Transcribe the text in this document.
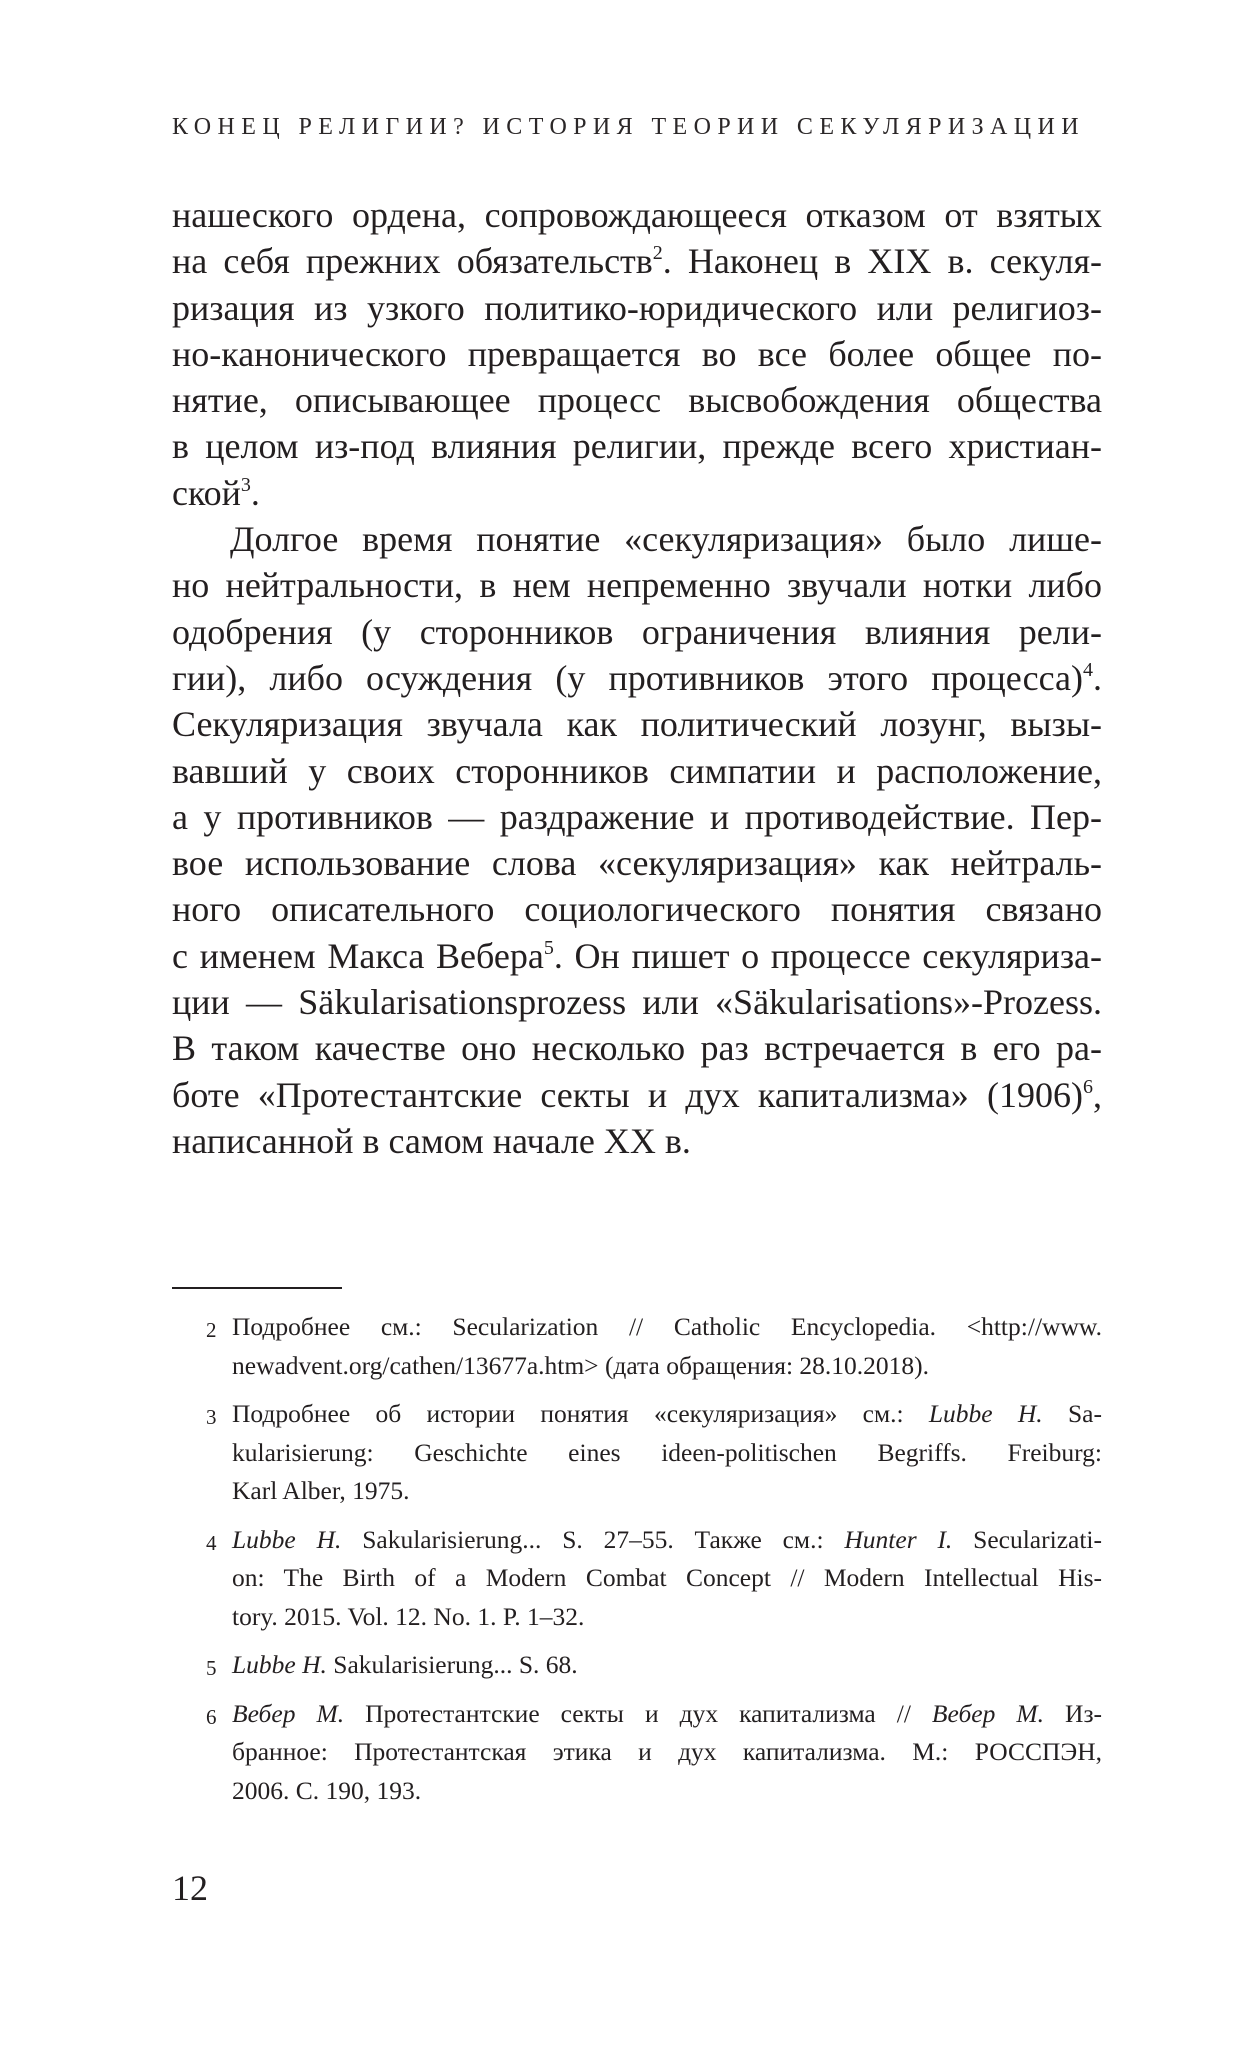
КОНЕЦ РЕЛИГИИ? ИСТОРИЯ ТЕОРИИ СЕКУЛЯРИЗАЦИИ
нашеского ордена, сопровождающееся отказом от взятых
на себя прежних обязательств$^2$. Наконец в XIX в. секуля-
ризация из узкого политико-юридического или религиоз-
но-канонического превращается во все более общее по-
нятие, описывающее процесс высвобождения общества
в целом из-под влияния религии, прежде всего христиан-
ской$^3$.
Долгое время понятие «секуляризация» было лише-
но нейтральности, в нем непременно звучали нотки либо
одобрения (у сторонников ограничения влияния рели-
гии), либо осуждения (у противников этого процесса)$^4$.
Секуляризация звучала как политический лозунг, вызы-
вавший у своих сторонников симпатии и расположение,
а у противников — раздражение и противодействие. Пер-
вое использование слова «секуляризация» как нейтраль-
ного описательного социологического понятия связано
с именем Макса Вебера$^5$. Он пишет о процессе секуляриза-
ции — Säkularisationsprozess или «Säkularisations»-Prozess.
В таком качестве оно несколько раз встречается в его ра-
боте «Протестантские секты и дух капитализма» $(1906)^6$,
написанной в самом начале XX в.
2 Подробнее см.: Secularization // Catholic Encyclopedia. <http://www.
newadvent.org/cathen/13677a.htm> (дата обращения: 28.10.2018).
3 Подробнее об истории понятия «секуляризация» см.: Lubbe H. Sa-
kularisierung: Geschichte eines ideen-politischen Begriffs. Freiburg:
Karl Alber, 1975.
4 Lubbe H. Sakularisierung... S. 27–55. Также см.: Hunter I. Secularizati-
on: The Birth of a Modern Combat Concept // Modern Intellectual His-
tory. 2015. Vol. 12. No. 1. P. 1–32.
5 Lubbe H. Sakularisierung... S. 68.
6 Вебер М. Протестантские секты и дух капитализма // Вебер М. Из-
бранное: Протестантская этика и дух капитализма. М.: РОССПЭН,
2006. С. 190, 193.
12
